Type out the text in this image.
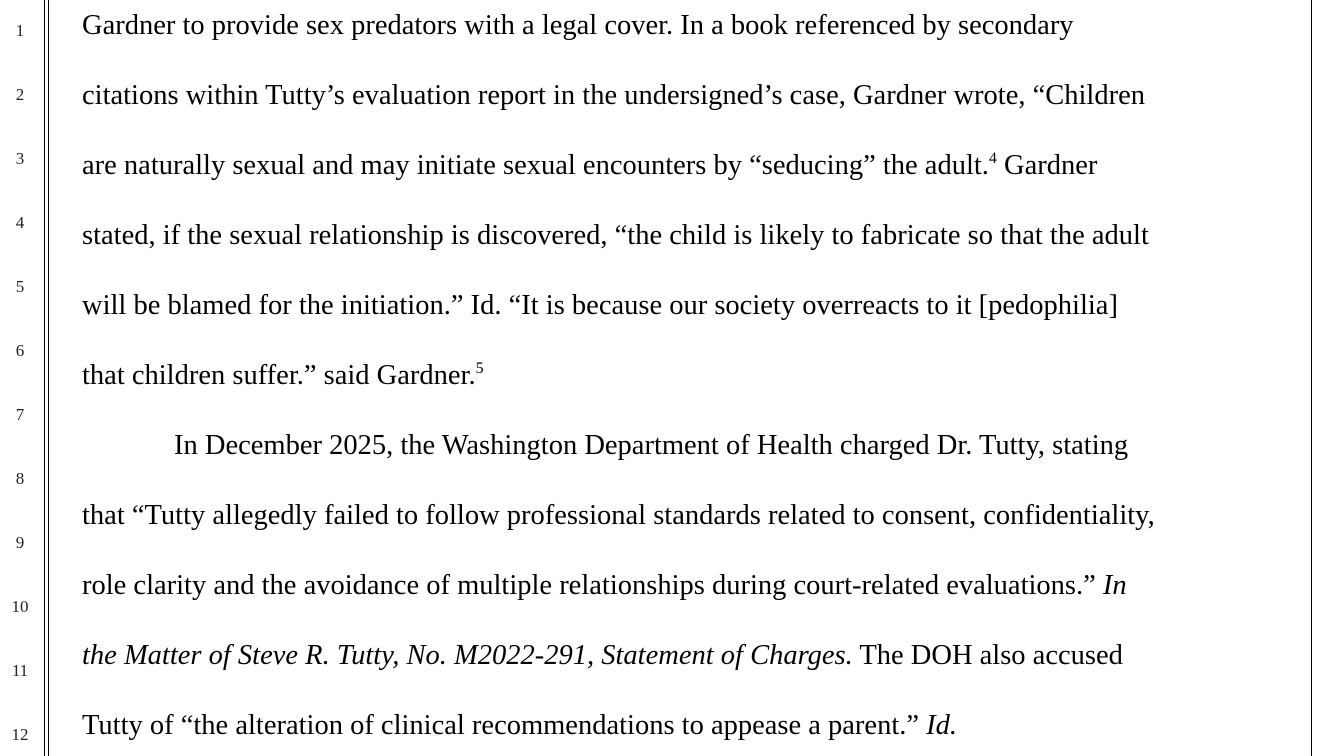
1
2
3
4
5
6
7
8
9
10
11
12
Gardner to provide sex predators with a legal cover. In a book referenced by secondary
citations within Tutty’s evaluation report in the undersigned’s case, Gardner wrote, “Children
are naturally sexual and may initiate sexual encounters by “seducing” the adult.$^4$ Gardner
stated, if the sexual relationship is discovered, “the child is likely to fabricate so that the adult
will be blamed for the initiation.” Id. “It is because our society overreacts to it [pedophilia]
that children suffer.” said Gardner.$^5$
In December 2025, the Washington Department of Health charged Dr. Tutty, stating
that “Tutty allegedly failed to follow professional standards related to consent, confidentiality,
role clarity and the avoidance of multiple relationships during court-related evaluations.” In
the Matter of Steve R. Tutty, No. M2022-291, Statement of Charges. The DOH also accused
Tutty of “the alteration of clinical recommendations to appease a parent.” Id.
